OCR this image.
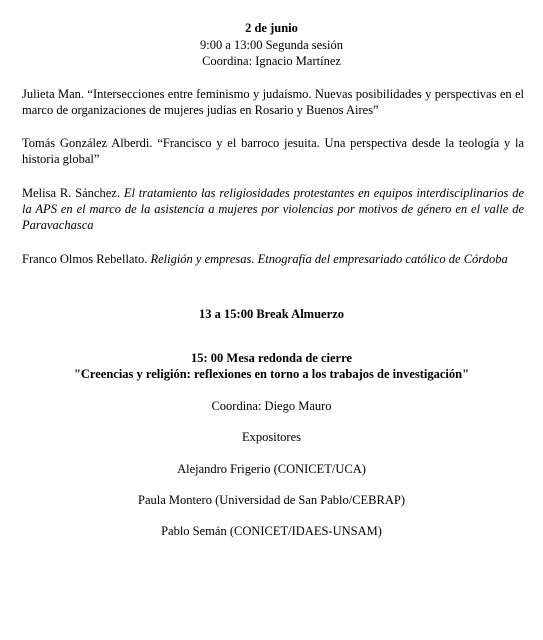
2 de junio
9:00 a 13:00 Segunda sesión
Coordina: Ignacio Martínez
Julieta Man. “Intersecciones entre feminismo y judaísmo. Nuevas posibilidades y perspectivas en el marco de organizaciones de mujeres judías en Rosario y Buenos Aires”
Tomás González Alberdi. “Francisco y el barroco jesuita. Una perspectiva desde la teología y la historia global”
Melisa R. Sánchez. El tratamiento las religiosidades protestantes en equipos interdisciplinarios de la APS en el marco de la asistencia a mujeres por violencias por motivos de género en el valle de Paravachasca
Franco Olmos Rebellato. Religión y empresas. Etnografía del empresariado católico de Córdoba
13 a 15:00 Break Almuerzo
15: 00 Mesa redonda de cierre
"Creencias y religión: reflexiones en torno a los trabajos de investigación"
Coordina: Diego Mauro
Expositores
Alejandro Frigerio (CONICET/UCA)
Paula Montero (Universidad de San Pablo/CEBRAP)
Pablo Semán (CONICET/IDAES-UNSAM)
